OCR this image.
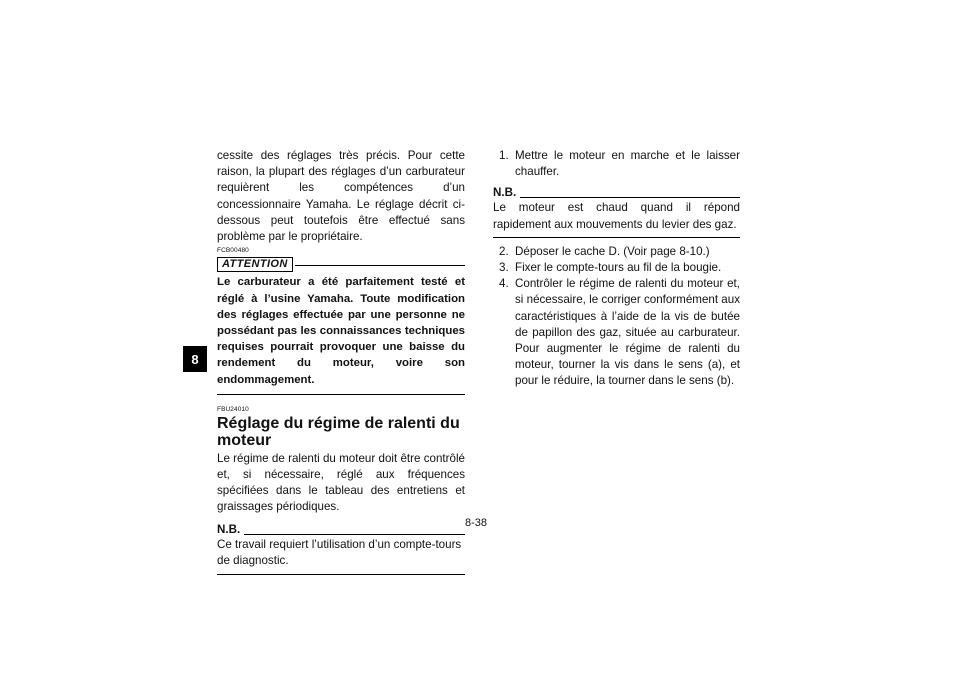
8

cessite des réglages très précis. Pour cette raison, la plupart des réglages d’un carburateur requièrent les compétences d’un concessionnaire Yamaha. Le réglage décrit ci-dessous peut toutefois être effectué sans problème par le propriétaire.

FCB00480
ATTENTION

Le carburateur a été parfaitement testé et réglé à l’usine Yamaha. Toute modification des réglages effectuée par une personne ne possédant pas les connaissances techniques requises pourrait provoquer une baisse du rendement du moteur, voire son endommagement.

FBU24010
Réglage du régime de ralenti du moteur

Le régime de ralenti du moteur doit être contrôlé et, si nécessaire, réglé aux fréquences spécifiées dans le tableau des entretiens et graissages périodiques.

N.B.

Ce travail requiert l’utilisation d’un compte-tours de diagnostic.

1. Mettre le moteur en marche et le laisser chauffer.
N.B.

Le moteur est chaud quand il répond rapidement aux mouvements du levier des gaz.

2. Déposer le cache D. (Voir page 8-10.)
3. Fixer le compte-tours au fil de la bougie.
4. Contrôler le régime de ralenti du moteur et, si nécessaire, le corriger conformément aux caractéristiques à l’aide de la vis de butée de papillon des gaz, située au carburateur. Pour augmenter le régime de ralenti du moteur, tourner la vis dans le sens (a), et pour le réduire, la tourner dans le sens (b).
8-38
